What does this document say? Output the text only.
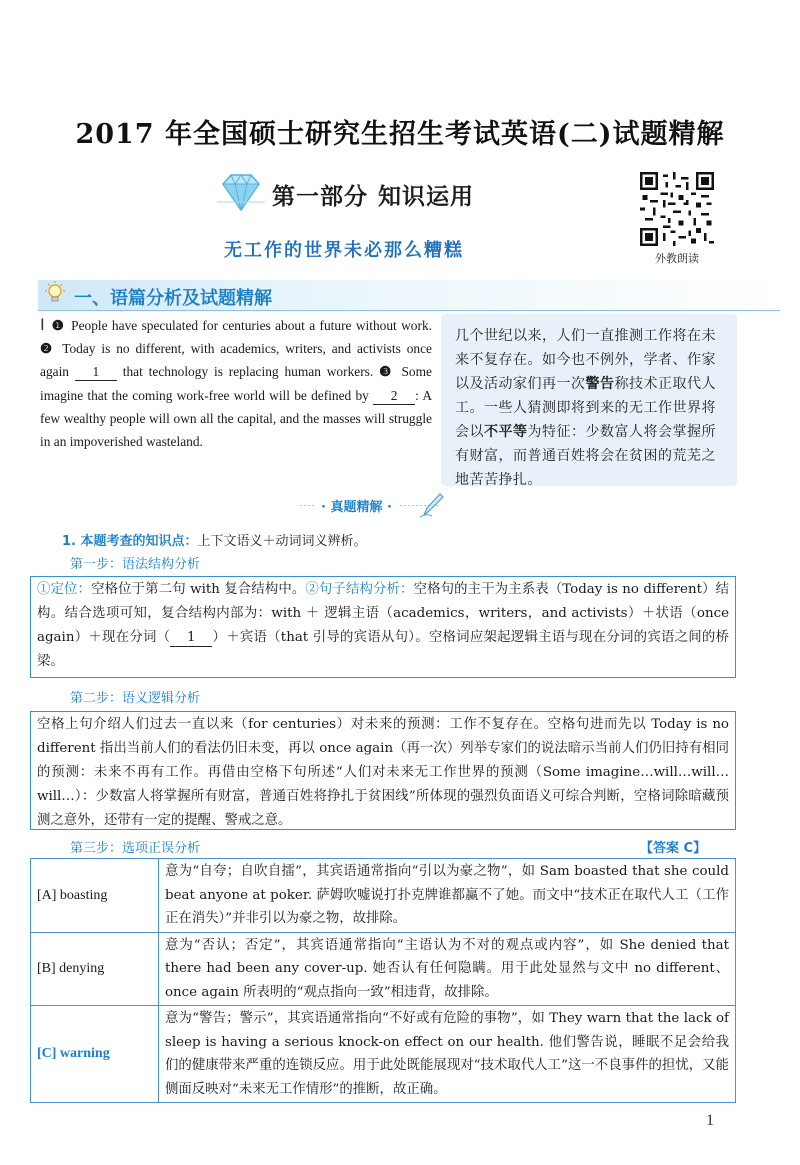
2017 年全国硕士研究生招生考试英语(二)试题精解
第一部分 知识运用
无工作的世界未必那么糟糕	外教朗读
一、语篇分析及试题精解
Ⅰ ❶ People have speculated for centuries about a future without work. ❷ Today is no different, with academics, writers, and activists once again 1 that technology is replacing human workers. ❸ Some imagine that the coming work-free world will be defined by 2 : A few wealthy people will own all the capital, and the masses will struggle in an impoverished wasteland.
几个世纪以来，人们一直推测工作将在未来不复存在。如今也不例外，学者、作家以及活动家们再一次警告称技术正取代人工。一些人猜测即将到来的无工作世界将会以不平等为特征：少数富人将会掌握所有财富，而普通百姓将会在贫困的荒芜之地苦苦挣扎。
· 真题精解 ·
1. 本题考查的知识点：上下文语义＋动词词义辨析。
第一步：语法结构分析
①定位：空格位于第二句 with 复合结构中。②句子结构分析：空格句的主干为主系表（Today is no different）结构。结合选项可知，复合结构内部为：with ＋ 逻辑主语（academics，writers，and activists）＋状语（once again）＋现在分词（ 1 ）＋宾语（that 引导的宾语从句）。空格词应架起逻辑主语与现在分词的宾语之间的桥梁。
第二步：语义逻辑分析
空格上句介绍人们过去一直以来（for centuries）对未来的预测：工作不复存在。空格句进而先以 Today is no different 指出当前人们的看法仍旧未变，再以 once again（再一次）列举专家们的说法暗示当前人们仍旧持有相同的预测：未来不再有工作。再借由空格下句所述“人们对未来无工作世界的预测（Some imagine…will…will…will…）：少数富人将掌握所有财富，普通百姓将挣扎于贫困线”所体现的强烈负面语义可综合判断，空格词除暗藏预测之意外，还带有一定的提醒、警戒之意。
第三步：选项正误分析	【答案 C】
[A] boasting	意为“自夸；自吹自擂”，其宾语通常指向“引以为豪之物”，如 Sam boasted that she could beat anyone at poker. 萨姆吹嘘说打扑克牌谁都赢不了她。而文中“技术正在取代人工（工作正在消失）”并非引以为豪之物，故排除。
[B] denying	意为“否认；否定”，其宾语通常指向“主语认为不对的观点或内容”，如 She denied that there had been any cover-up. 她否认有任何隐瞒。用于此处显然与文中 no different、once again 所表明的“观点指向一致”相违背，故排除。
[C] warning	意为“警告；警示”，其宾语通常指向“不好或有危险的事物”，如 They warn that the lack of sleep is having a serious knock-on effect on our health. 他们警告说，睡眠不足会给我们的健康带来严重的连锁反应。用于此处既能展现对“技术取代人工”这一不良事件的担忧，又能侧面反映对“未来无工作情形”的推断，故正确。
1
